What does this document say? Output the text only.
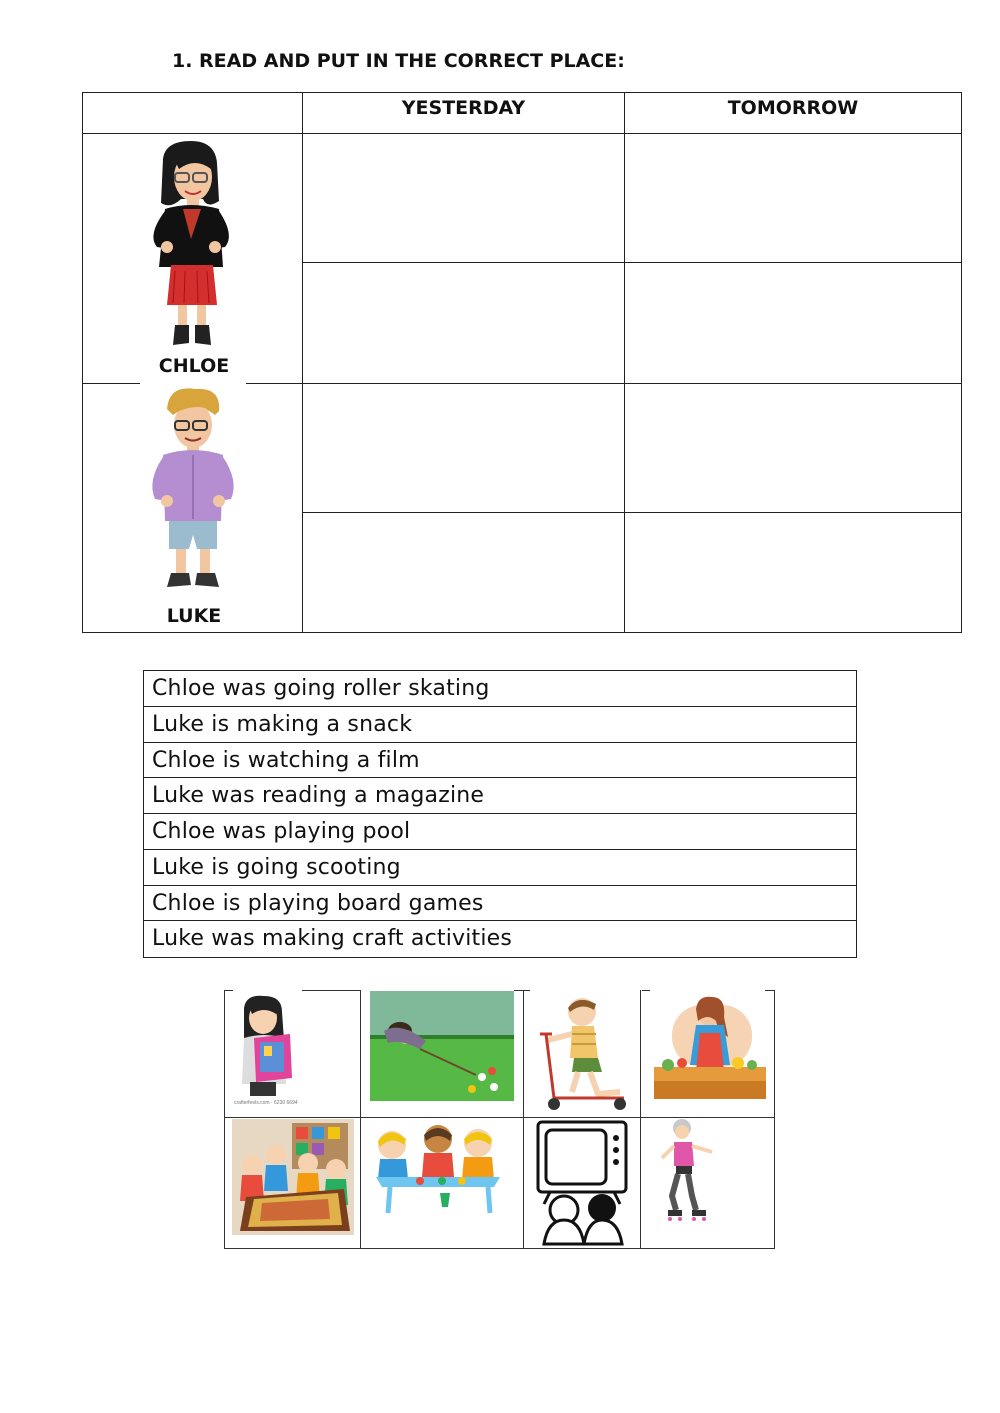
1. READ AND PUT IN THE CORRECT PLACE:
YESTERDAY	TOMORROW
CHLOE
LUKE
Chloe was going roller skating
Luke is making a snack
Chloe is watching a film
Luke was reading a magazine
Chloe was playing pool
Luke is going scooting
Chloe is playing board games
Luke was making craft activities
crafterfeels.com · 6230 6694
